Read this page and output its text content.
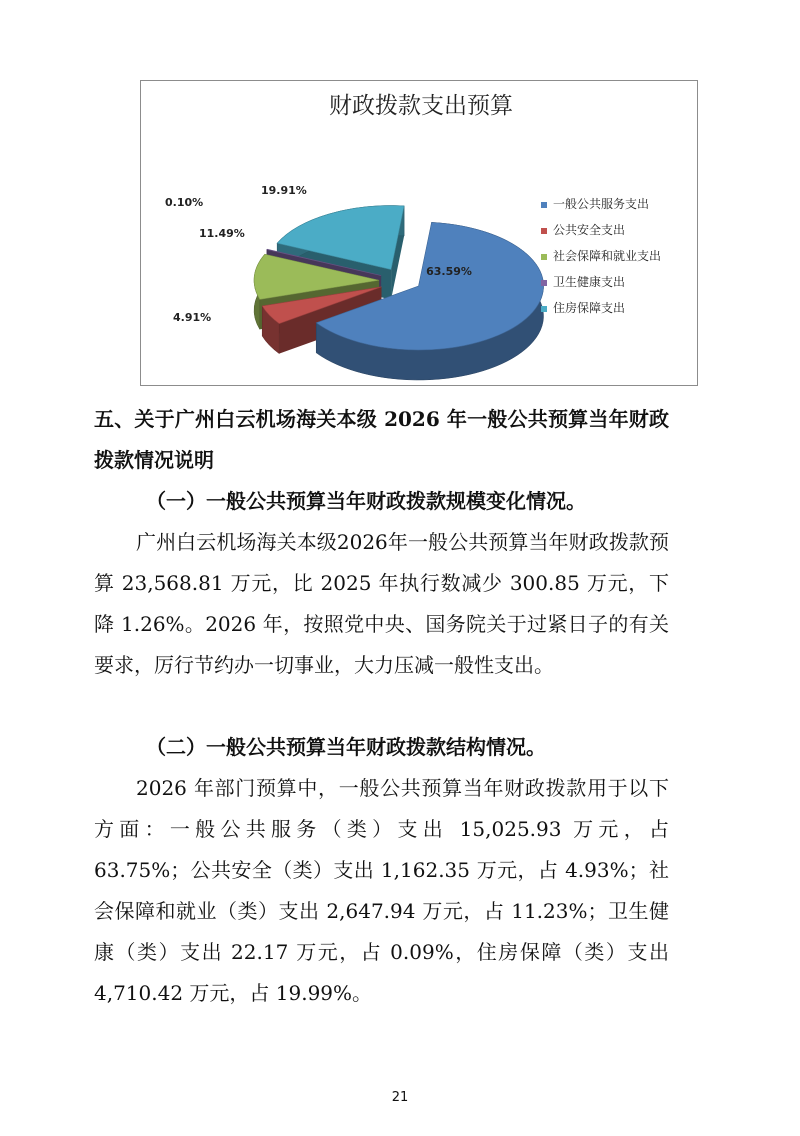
财政拨款支出预算
63.59%
4.91%
11.49%
0.10%
19.91%
一般公共服务支出
公共安全支出
社会保障和就业支出
卫生健康支出
住房保障支出

五、关于广州白云机场海关本级 2026 年一般公共预算当年财政拨款情况说明

（一）一般公共预算当年财政拨款规模变化情况。

广州白云机场海关本级2026年一般公共预算当年财政拨款预算 23,568.81 万元，比 2025 年执行数减少 300.85 万元，下降 1.26%。2026 年，按照党中央、国务院关于过紧日子的有关要求，厉行节约办一切事业，大力压减一般性支出。

（二）一般公共预算当年财政拨款结构情况。

2026 年部门预算中，一般公共预算当年财政拨款用于以下方面：一般公共服务（类）支出 15,025.93 万元，占 63.75%；公共安全（类）支出 1,162.35 万元，占 4.93%；社会保障和就业（类）支出 2,647.94 万元，占 11.23%；卫生健康（类）支出 22.17 万元，占 0.09%，住房保障（类）支出 4,710.42 万元，占 19.99%。

21
